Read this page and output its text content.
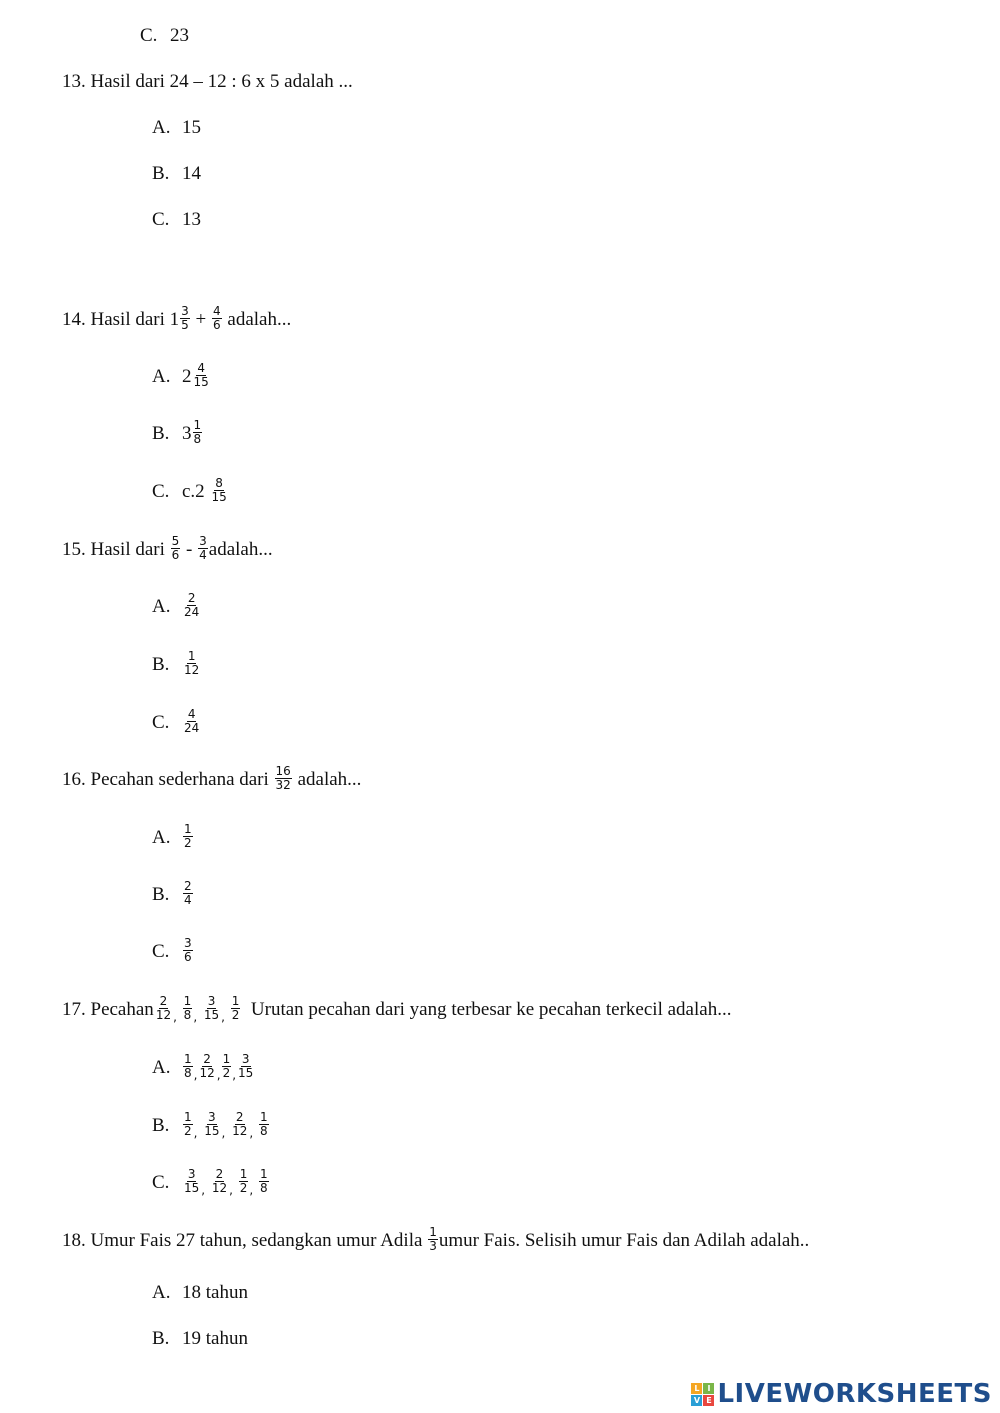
C. 23
13. Hasil dari 24 – 12 : 6 x 5 adalah ...
A. 15
B. 14
C. 13
14. Hasil dari $1 \frac{3}{5} + \frac{4}{6}$ adalah...
A. $2 \frac{4}{15}$
B. $3 \frac{1}{8}$
C. $c.2 \frac{8}{15}$
15. Hasil dari $\frac{5}{6} - \frac{3}{4}$ adalah...
A. $\frac{2}{24}$
B. $\frac{1}{12}$
C. $\frac{4}{24}$
16. Pecahan sederhana dari $\frac{16}{32}$ adalah...
A. $\frac{1}{2}$
B. $\frac{2}{4}$
C. $\frac{3}{6}$
17. Pecahan $\frac{2}{12} _, \frac{1}{8} _, \frac{3}{15} _, \frac{1}{2}$ Urutan pecahan dari yang terbesar ke pecahan terkecil adalah...
A. $\frac{1}{8} _, \frac{2}{12} _, \frac{1}{2} _, \frac{3}{15}$
B. $\frac{1}{2} _, \frac{3}{15} _, \frac{2}{12} _, \frac{1}{8}$
C. $\frac{3}{15} _, \frac{2}{12} _, \frac{1}{2} _, \frac{1}{8}$
18. Umur Fais 27 tahun, sedangkan umur Adila $\frac{1}{3}$ umur Fais. Selisih umur Fais dan Adilah adalah..
A. 18 tahun
B. 19 tahun
L I
V E LIVEWORKSHEETS
